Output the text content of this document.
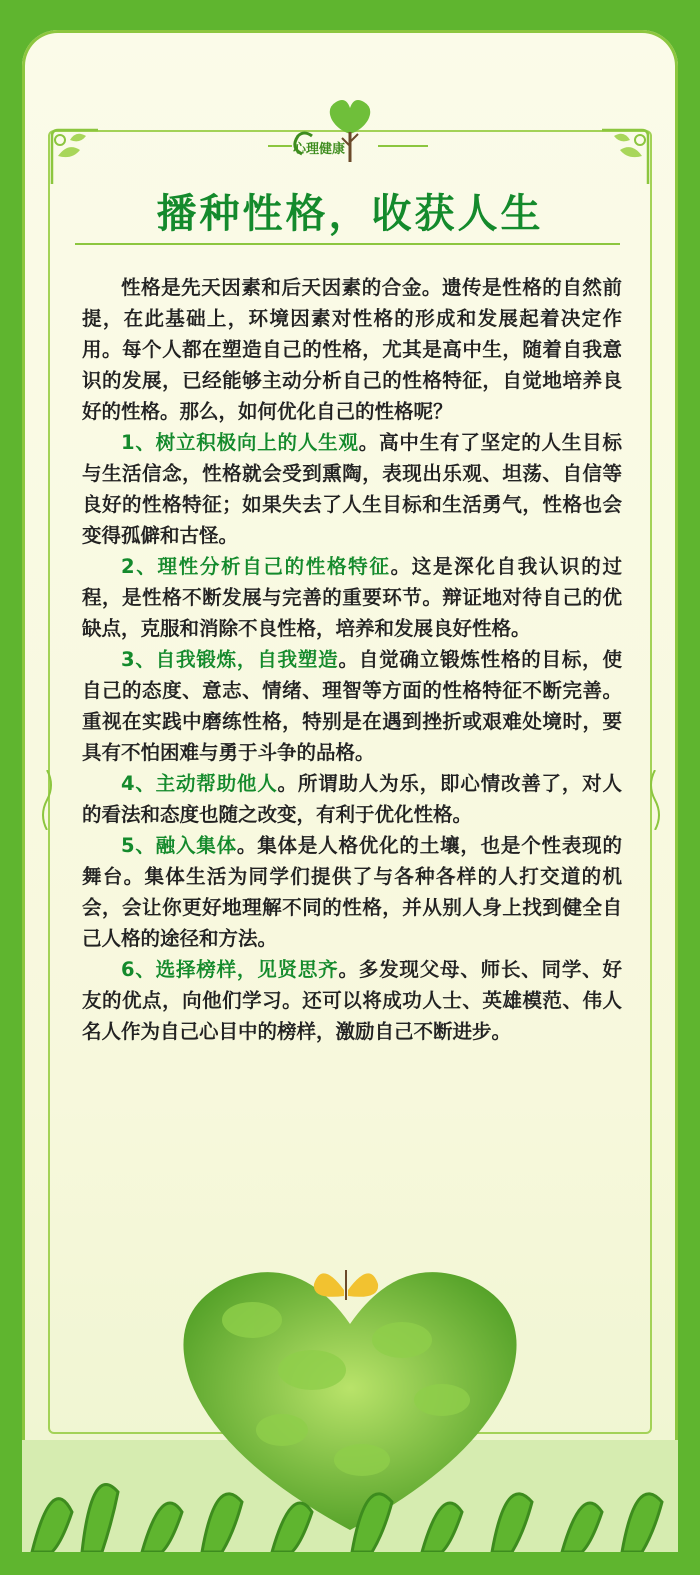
心理健康
播种性格，收获人生

性格是先天因素和后天因素的合金。遗传是性格的自然前提，在此基础上，环境因素对性格的形成和发展起着决定作用。每个人都在塑造自己的性格，尤其是高中生，随着自我意识的发展，已经能够主动分析自己的性格特征，自觉地培养良好的性格。那么，如何优化自己的性格呢？

1、树立积极向上的人生观。高中生有了坚定的人生目标与生活信念，性格就会受到熏陶，表现出乐观、坦荡、自信等良好的性格特征；如果失去了人生目标和生活勇气，性格也会变得孤僻和古怪。

2、理性分析自己的性格特征。这是深化自我认识的过程，是性格不断发展与完善的重要环节。辩证地对待自己的优缺点，克服和消除不良性格，培养和发展良好性格。

3、自我锻炼，自我塑造。自觉确立锻炼性格的目标，使自己的态度、意志、情绪、理智等方面的性格特征不断完善。重视在实践中磨练性格，特别是在遇到挫折或艰难处境时，要具有不怕困难与勇于斗争的品格。

4、主动帮助他人。所谓助人为乐，即心情改善了，对人的看法和态度也随之改变，有利于优化性格。

5、融入集体。集体是人格优化的土壤，也是个性表现的舞台。集体生活为同学们提供了与各种各样的人打交道的机会，会让你更好地理解不同的性格，并从别人身上找到健全自己人格的途径和方法。

6、选择榜样，见贤思齐。多发现父母、师长、同学、好友的优点，向他们学习。还可以将成功人士、英雄模范、伟人名人作为自己心目中的榜样，激励自己不断进步。
